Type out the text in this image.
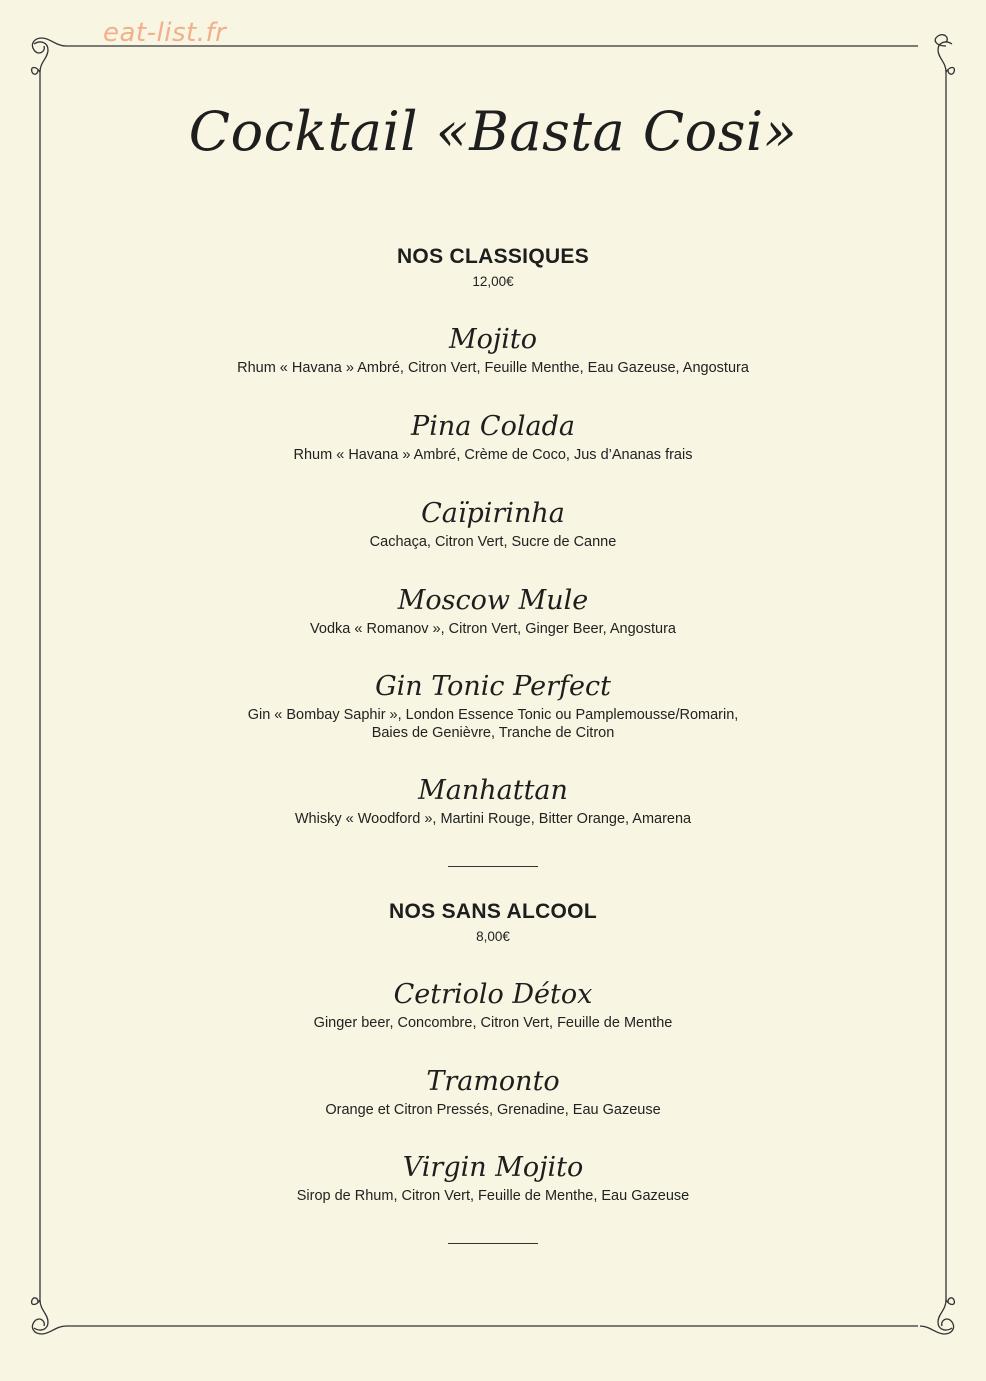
eat-list.fr
Cocktail «Basta Cosi»
NOS CLASSIQUES
12,00€
Mojito
Rhum « Havana » Ambré, Citron Vert, Feuille Menthe, Eau Gazeuse, Angostura
Pina Colada
Rhum « Havana » Ambré, Crème de Coco, Jus d’Ananas frais
Caïpirinha
Cachaça, Citron Vert, Sucre de Canne
Moscow Mule
Vodka « Romanov », Citron Vert, Ginger Beer, Angostura
Gin Tonic Perfect
Gin « Bombay Saphir », London Essence Tonic ou Pamplemousse/Romarin,
Baies de Genièvre, Tranche de Citron
Manhattan
Whisky « Woodford », Martini Rouge, Bitter Orange, Amarena
NOS SANS ALCOOL
8,00€
Cetriolo Détox
Ginger beer, Concombre, Citron Vert, Feuille de Menthe
Tramonto
Orange et Citron Pressés, Grenadine, Eau Gazeuse
Virgin Mojito
Sirop de Rhum, Citron Vert, Feuille de Menthe, Eau Gazeuse
